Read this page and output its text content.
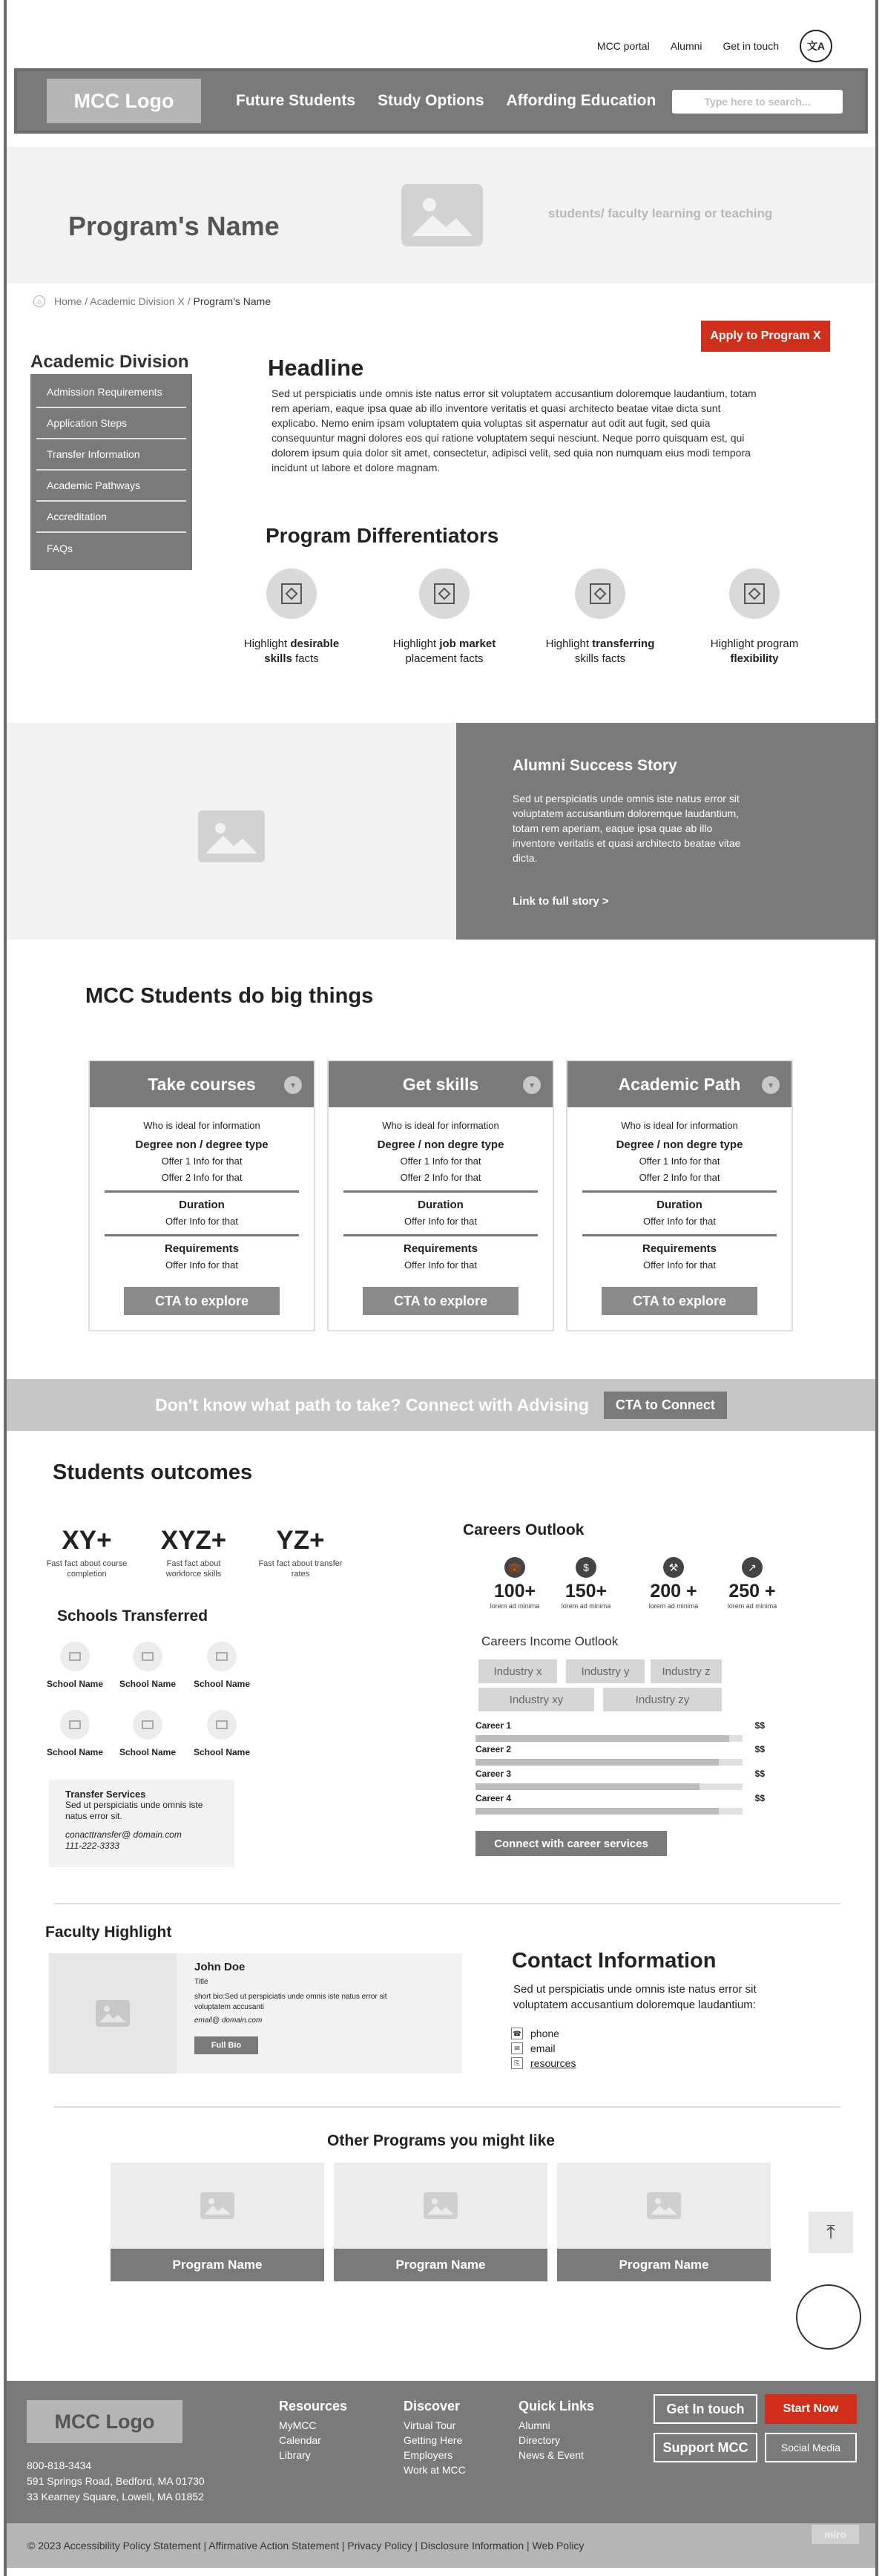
MCC portal Alumni Get in touch	文A
MCC Logo	Future Students Study Options Affording Education	Type here to search...
Program's Name	students/ faculty learning or teaching
⌂	Home / Academic Division X / Program's Name
Apply to Program X
Academic Division
Admission Requirements
Application Steps
Transfer Information
Academic Pathways
Accreditation
FAQs
Headline
Sed ut perspiciatis unde omnis iste natus error sit voluptatem accusantium doloremque laudantium, totam rem aperiam, eaque ipsa quae ab illo inventore veritatis et quasi architecto beatae vitae dicta sunt explicabo. Nemo enim ipsam voluptatem quia voluptas sit aspernatur aut odit aut fugit, sed quia consequuntur magni dolores eos qui ratione voluptatem sequi nesciunt. Neque porro quisquam est, qui dolorem ipsum quia dolor sit amet, consectetur, adipisci velit, sed quia non numquam eius modi tempora incidunt ut labore et dolore magnam.
Program Differentiators
Highlight desirable skills facts
Highlight job market placement facts
Highlight transferring skills facts
Highlight program flexibility
Alumni Success Story
Sed ut perspiciatis unde omnis iste natus error sit voluptatem accusantium doloremque laudantium, totam rem aperiam, eaque ipsa quae ab illo inventore veritatis et quasi architecto beatae vitae dicta.
Link to full story >
MCC Students do big things
Take courses	▾
Who is ideal for information
Degree non / degree type
Offer 1 Info for that
Offer 2 Info for that
Duration
Offer Info for that
Requirements
Offer Info for that
CTA to explore
Get skills	▾
Who is ideal for information
Degree / non degre type
Offer 1 Info for that
Offer 2 Info for that
Duration
Offer Info for that
Requirements
Offer Info for that
CTA to explore
Academic Path	▾
Who is ideal for information
Degree / non degre type
Offer 1 Info for that
Offer 2 Info for that
Duration
Offer Info for that
Requirements
Offer Info for that
CTA to explore
Don't know what path to take? Connect with Advising	CTA to Connect
Students outcomes
XY+
Fast fact about course completion
XYZ+
Fast fact about workforce skills
YZ+
Fast fact about transfer rates
Schools Transferred
School Name	School Name	School Name
School Name	School Name	School Name
Transfer Services
Sed ut perspiciatis unde omnis iste natus error sit.
conacttransfer@ domain.com
111-222-3333
Careers Outlook
💼
100+
lorem ad minima
$
150+
lorem ad minima
⚒
200 +
lorem ad minima
↗
250 +
lorem ad minima
Careers Income Outlook
Industry x	Industry y	Industry z
Industry xy	Industry zy
Career 1	$$
Career 2	$$
Career 3	$$
Career 4	$$
Connect with career services
Faculty Highlight
John Doe
Title
short bio:Sed ut perspiciatis unde omnis iste natus error sit voluptatem accusanti
email@ domain.com
Full Bio
Contact Information
Sed ut perspiciatis unde omnis iste natus error sit voluptatem accusantium doloremque laudantium:
☎ phone
✉	email
⎘	resources
Other Programs you might like
Program Name	Program Name	Program Name
⤒
MCC Logo
800-818-3434
591 Springs Road, Bedford, MA 01730
33 Kearney Square, Lowell, MA 01852
Resources
MyMCC
Calendar
Library
Discover
Virtual Tour
Getting Here
Employers
Work at MCC
Quick Links
Alumni
Directory
News & Event
Get In touch	Start Now
Support MCC	Social Media
© 2023 Accessibility Policy Statement | Affirmative Action Statement | Privacy Policy | Disclosure Information | Web Policy
miro
